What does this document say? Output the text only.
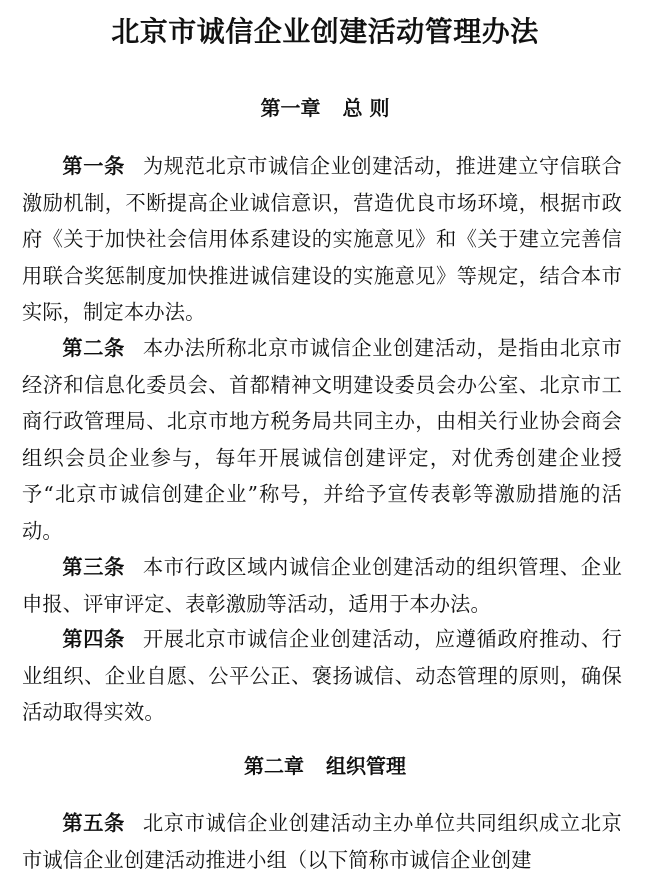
北京市诚信企业创建活动管理办法
第一章 总 则

第一条 为规范北京市诚信企业创建活动，推进建立守信联合激励机制，不断提高企业诚信意识，营造优良市场环境，根据市政府《关于加快社会信用体系建设的实施意见》和《关于建立完善信用联合奖惩制度加快推进诚信建设的实施意见》等规定，结合本市实际，制定本办法。

第二条 本办法所称北京市诚信企业创建活动，是指由北京市经济和信息化委员会、首都精神文明建设委员会办公室、北京市工商行政管理局、北京市地方税务局共同主办，由相关行业协会商会组织会员企业参与，每年开展诚信创建评定，对优秀创建企业授予“北京市诚信创建企业”称号，并给予宣传表彰等激励措施的活动。

第三条 本市行政区域内诚信企业创建活动的组织管理、企业申报、评审评定、表彰激励等活动，适用于本办法。

第四条 开展北京市诚信企业创建活动，应遵循政府推动、行业组织、企业自愿、公平公正、褒扬诚信、动态管理的原则，确保活动取得实效。

第二章 组织管理

第五条 北京市诚信企业创建活动主办单位共同组织成立北京市诚信企业创建活动推进小组（以下简称市诚信企业创建
